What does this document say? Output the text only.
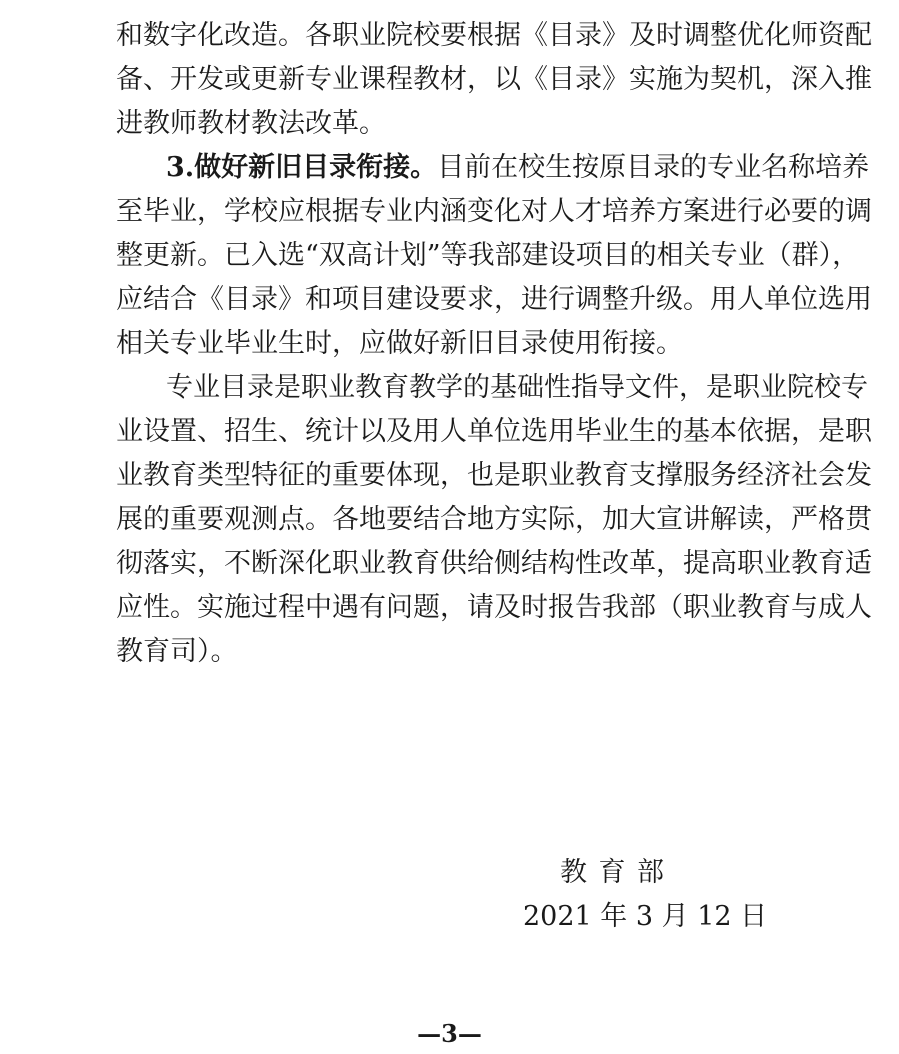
和数字化改造。各职业院校要根据《目录》及时调整优化师资配
备、开发或更新专业课程教材，以《目录》实施为契机，深入推
进教师教材教法改革。
3.做好新旧目录衔接。目前在校生按原目录的专业名称培养
至毕业，学校应根据专业内涵变化对人才培养方案进行必要的调
整更新。已入选“双高计划”等我部建设项目的相关专业（群），
应结合《目录》和项目建设要求，进行调整升级。用人单位选用
相关专业毕业生时，应做好新旧目录使用衔接。
专业目录是职业教育教学的基础性指导文件，是职业院校专
业设置、招生、统计以及用人单位选用毕业生的基本依据，是职
业教育类型特征的重要体现，也是职业教育支撑服务经济社会发
展的重要观测点。各地要结合地方实际，加大宣讲解读，严格贯
彻落实，不断深化职业教育供给侧结构性改革，提高职业教育适
应性。实施过程中遇有问题，请及时报告我部（职业教育与成人
教育司）。
教育部
2021 年 3 月 12 日
—3—
